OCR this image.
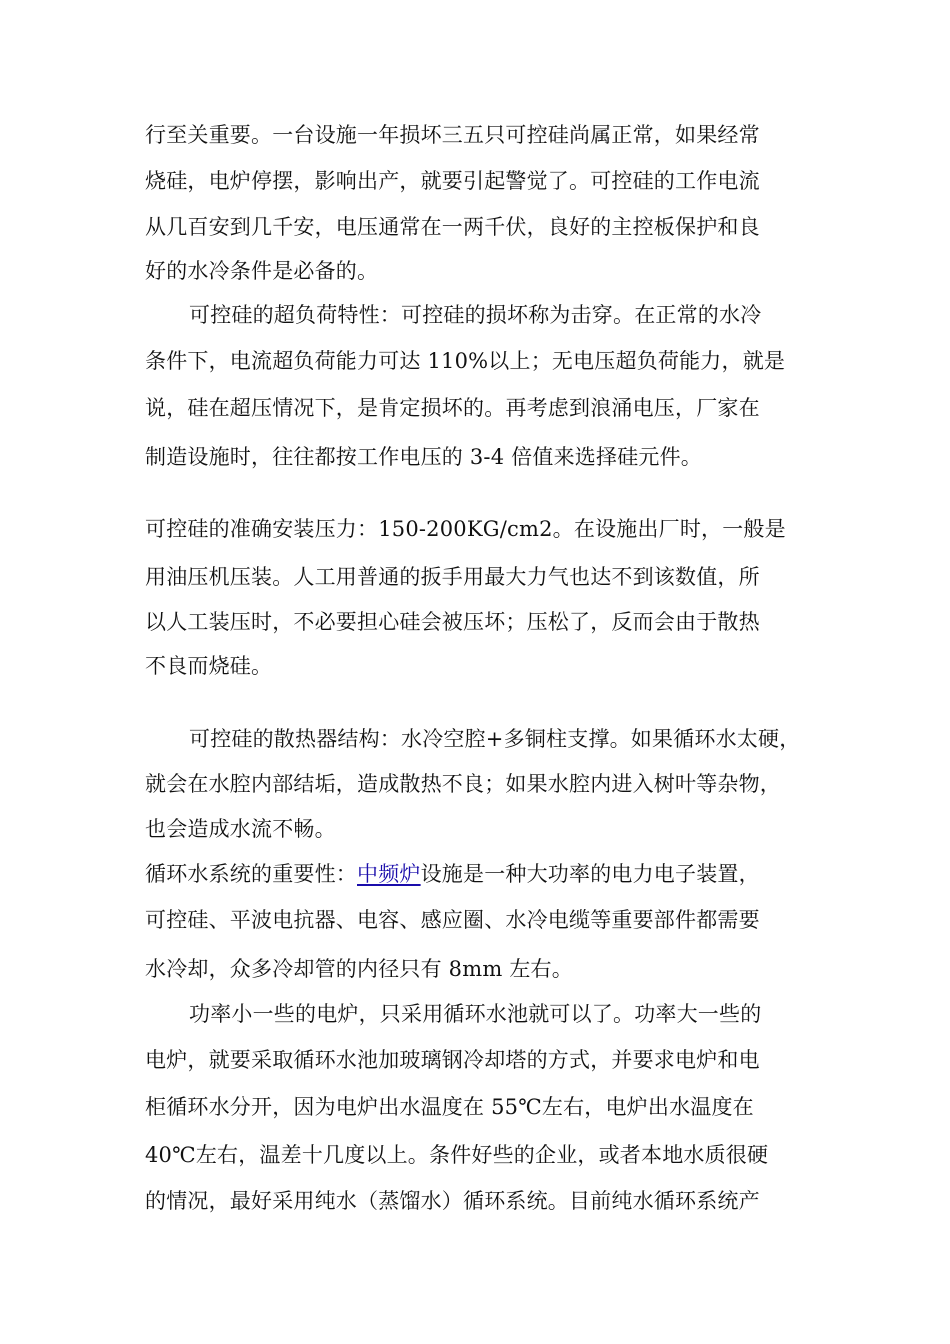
行至关重要。一台设施一年损坏三五只可控硅尚属正常，如果经常
烧硅，电炉停摆，影响出产，就要引起警觉了。可控硅的工作电流
从几百安到几千安，电压通常在一两千伏，良好的主控板保护和良
好的水冷条件是必备的。
可控硅的超负荷特性：可控硅的损坏称为击穿。在正常的水冷
条件下，电流超负荷能力可达 110%以上；无电压超负荷能力，就是
说，硅在超压情况下，是肯定损坏的。再考虑到浪涌电压，厂家在
制造设施时，往往都按工作电压的 3-4 倍值来选择硅元件。
可控硅的准确安装压力：150-200KG/cm2。在设施出厂时，一般是
用油压机压装。人工用普通的扳手用最大力气也达不到该数值，所
以人工装压时，不必要担心硅会被压坏；压松了，反而会由于散热
不良而烧硅。
可控硅的散热器结构：水冷空腔+多铜柱支撑。如果循环水太硬，
就会在水腔内部结垢，造成散热不良；如果水腔内进入树叶等杂物，
也会造成水流不畅。
循环水系统的重要性：中频炉设施是一种大功率的电力电子装置，
可控硅、平波电抗器、电容、感应圈、水冷电缆等重要部件都需要
水冷却，众多冷却管的内径只有 8mm 左右。
功率小一些的电炉，只采用循环水池就可以了。功率大一些的
电炉，就要采取循环水池加玻璃钢冷却塔的方式，并要求电炉和电
柜循环水分开，因为电炉出水温度在 55℃左右，电炉出水温度在
40℃左右，温差十几度以上。条件好些的企业，或者本地水质很硬
的情况，最好采用纯水（蒸馏水）循环系统。目前纯水循环系统产
